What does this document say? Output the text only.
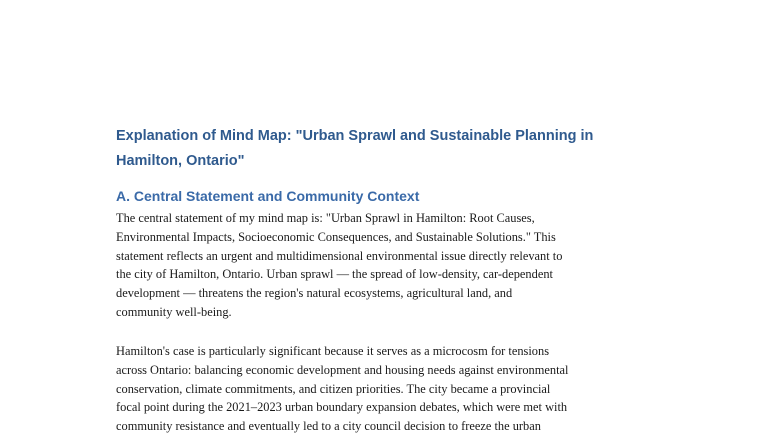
Explanation of Mind Map: "Urban Sprawl and Sustainable Planning in
Hamilton, Ontario"
A. Central Statement and Community Context

The central statement of my mind map is: "Urban Sprawl in Hamilton: Root Causes,
Environmental Impacts, Socioeconomic Consequences, and Sustainable Solutions." This
statement reflects an urgent and multidimensional environmental issue directly relevant to
the city of Hamilton, Ontario. Urban sprawl — the spread of low-density, car-dependent
development — threatens the region's natural ecosystems, agricultural land, and
community well-being.

Hamilton's case is particularly significant because it serves as a microcosm for tensions
across Ontario: balancing economic development and housing needs against environmental
conservation, climate commitments, and citizen priorities. The city became a provincial
focal point during the 2021–2023 urban boundary expansion debates, which were met with
community resistance and eventually led to a city council decision to freeze the urban
